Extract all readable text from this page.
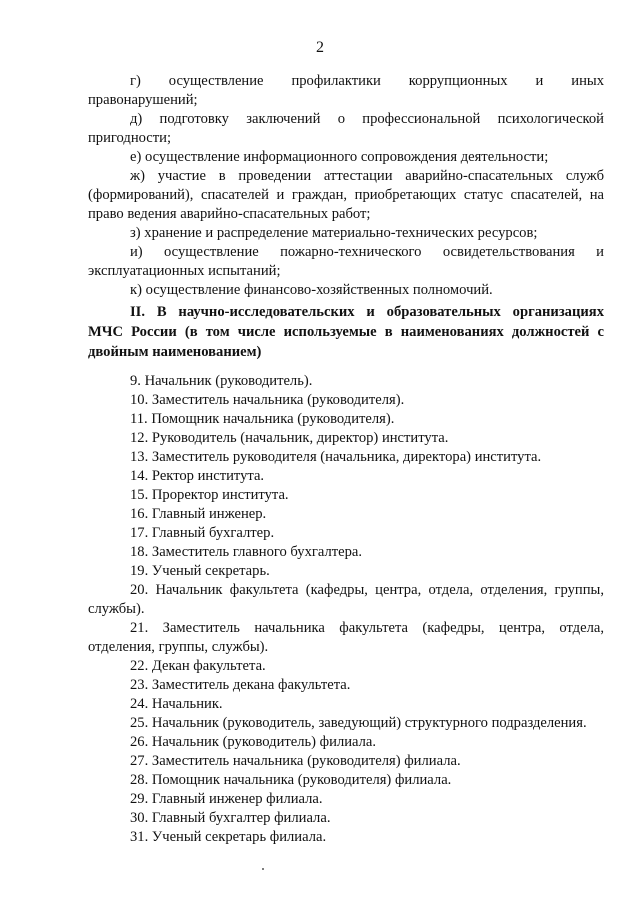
2
г) осуществление профилактики коррупционных и иных
правонарушений;
д) подготовку заключений о профессиональной психологической
пригодности;
е) осуществление информационного сопровождения деятельности;
ж) участие в проведении аттестации аварийно-спасательных служб
(формирований), спасателей и граждан, приобретающих статус спасателей, на
право ведения аварийно-спасательных работ;
з) хранение и распределение материально-технических ресурсов;
и) осуществление пожарно-технического освидетельствования и
эксплуатационных испытаний;
к) осуществление финансово-хозяйственных полномочий.
II. В научно-исследовательских и образовательных организациях
МЧС России (в том числе используемые в наименованиях должностей с
двойным наименованием)
9. Начальник (руководитель).
10. Заместитель начальника (руководителя).
11. Помощник начальника (руководителя).
12. Руководитель (начальник, директор) института.
13. Заместитель руководителя (начальника, директора) института.
14. Ректор института.
15. Проректор института.
16. Главный инженер.
17. Главный бухгалтер.
18. Заместитель главного бухгалтера.
19. Ученый секретарь.
20. Начальник факультета (кафедры, центра, отдела, отделения, группы,
службы).
21. Заместитель начальника факультета (кафедры, центра, отдела,
отделения, группы, службы).
22. Декан факультета.
23. Заместитель декана факультета.
24. Начальник.
25. Начальник (руководитель, заведующий) структурного подразделения.
26. Начальник (руководитель) филиала.
27. Заместитель начальника (руководителя) филиала.
28. Помощник начальника (руководителя) филиала.
29. Главный инженер филиала.
30. Главный бухгалтер филиала.
31. Ученый секретарь филиала.
